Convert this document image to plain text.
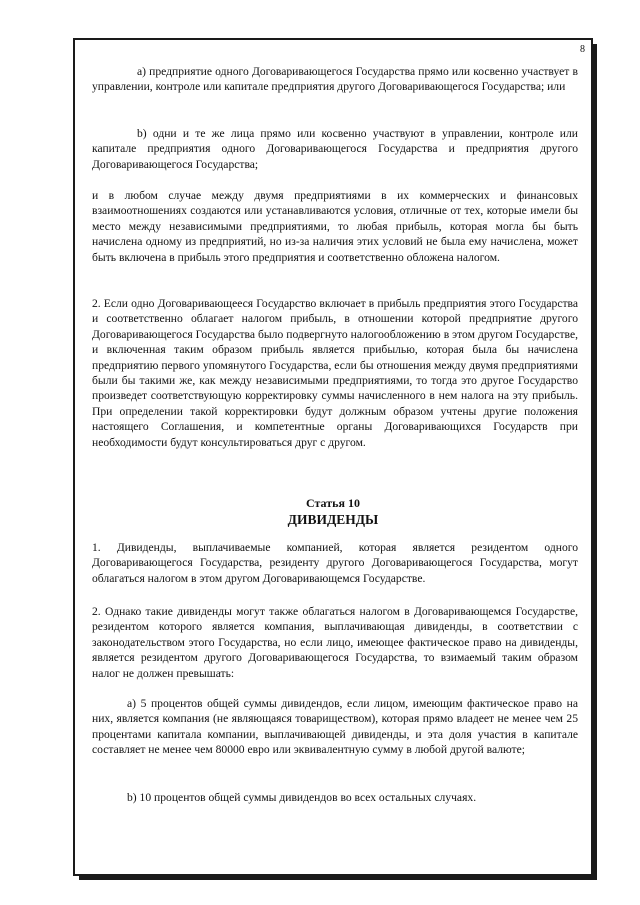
8

а) предприятие одного Договаривающегося Государства прямо или косвенно участвует в управлении, контроле или капитале предприятия другого Договаривающегося Государства; или

b) одни и те же лица прямо или косвенно участвуют в управлении, контроле или капитале предприятия одного Договаривающегося Государства и предприятия другого Договаривающегося Государства;

и в любом случае между двумя предприятиями в их коммерческих и финансовых взаимоотношениях создаются или устанавливаются условия, отличные от тех, которые имели бы место между независимыми предприятиями, то любая прибыль, которая могла бы быть начислена одному из предприятий, но из-за наличия этих условий не была ему начислена, может быть включена в прибыль этого предприятия и соответственно обложена налогом.

2. Если одно Договаривающееся Государство включает в прибыль предприятия этого Государства и соответственно облагает налогом прибыль, в отношении которой предприятие другого Договаривающегося Государства было подвергнуто налогообложению в этом другом Государстве, и включенная таким образом прибыль является прибылью, которая была бы начислена предприятию первого упомянутого Государства, если бы отношения между двумя предприятиями были бы такими же, как между независимыми предприятиями, то тогда это другое Государство произведет соответствующую корректировку суммы начисленного в нем налога на эту прибыль. При определении такой корректировки будут должным образом учтены другие положения настоящего Соглашения, и компетентные органы Договаривающихся Государств при необходимости будут консультироваться друг с другом.

Статья 10
ДИВИДЕНДЫ

1. Дивиденды, выплачиваемые компанией, которая является резидентом одного Договаривающегося Государства, резиденту другого Договаривающегося Государства, могут облагаться налогом в этом другом Договаривающемся Государстве.

2. Однако такие дивиденды могут также облагаться налогом в Договаривающемся Государстве, резидентом которого является компания, выплачивающая дивиденды, в соответствии с законодательством этого Государства, но если лицо, имеющее фактическое право на дивиденды, является резидентом другого Договаривающегося Государства, то взимаемый таким образом налог не должен превышать:

а) 5 процентов общей суммы дивидендов, если лицом, имеющим фактическое право на них, является компания (не являющаяся товариществом), которая прямо владеет не менее чем 25 процентами капитала компании, выплачивающей дивиденды, и эта доля участия в капитале составляет не менее чем 80000 евро или эквивалентную сумму в любой другой валюте;

b) 10 процентов общей суммы дивидендов во всех остальных случаях.
